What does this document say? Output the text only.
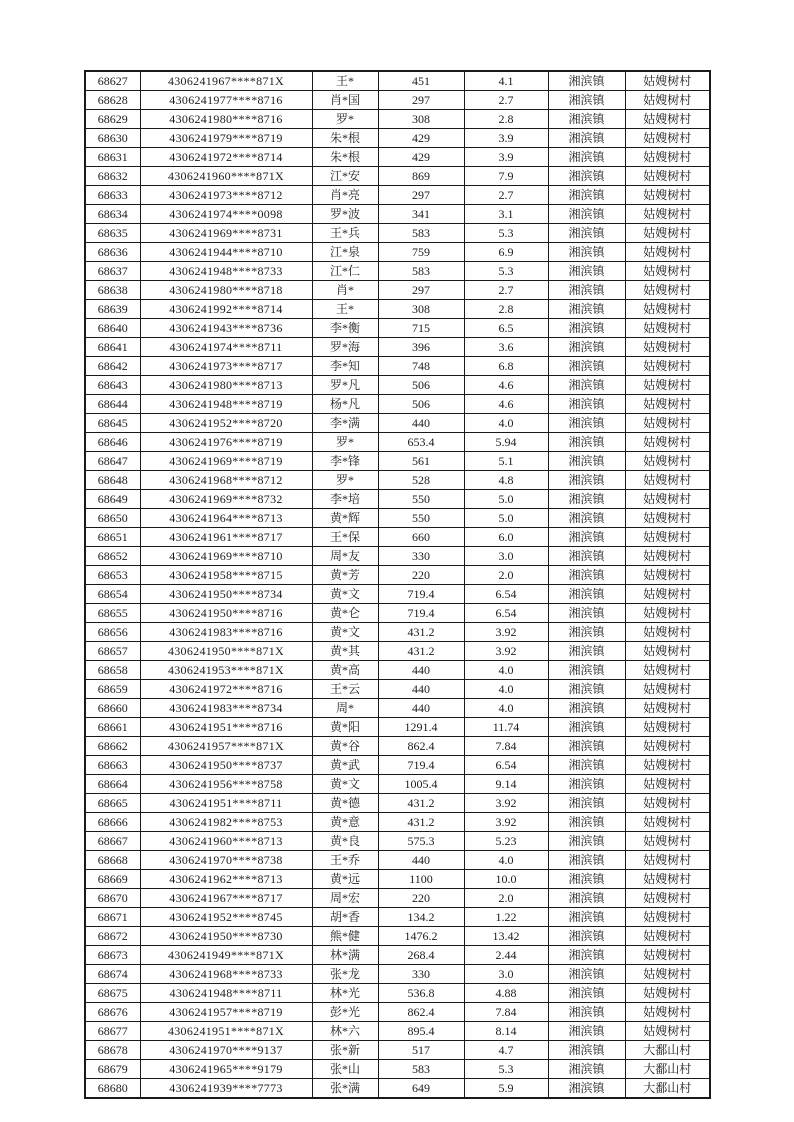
68627	4306241967****871X	王*	451	4.1	湘滨镇	姑嫂树村
68628	4306241977****8716	肖*国	297	2.7	湘滨镇	姑嫂树村
68629	4306241980****8716	罗*	308	2.8	湘滨镇	姑嫂树村
68630	4306241979****8719	朱*根	429	3.9	湘滨镇	姑嫂树村
68631	4306241972****8714	朱*根	429	3.9	湘滨镇	姑嫂树村
68632	4306241960****871X	江*安	869	7.9	湘滨镇	姑嫂树村
68633	4306241973****8712	肖*亮	297	2.7	湘滨镇	姑嫂树村
68634	4306241974****0098	罗*波	341	3.1	湘滨镇	姑嫂树村
68635	4306241969****8731	王*兵	583	5.3	湘滨镇	姑嫂树村
68636	4306241944****8710	江*泉	759	6.9	湘滨镇	姑嫂树村
68637	4306241948****8733	江*仁	583	5.3	湘滨镇	姑嫂树村
68638	4306241980****8718	肖*	297	2.7	湘滨镇	姑嫂树村
68639	4306241992****8714	王*	308	2.8	湘滨镇	姑嫂树村
68640	4306241943****8736	李*衡	715	6.5	湘滨镇	姑嫂树村
68641	4306241974****8711	罗*海	396	3.6	湘滨镇	姑嫂树村
68642	4306241973****8717	李*知	748	6.8	湘滨镇	姑嫂树村
68643	4306241980****8713	罗*凡	506	4.6	湘滨镇	姑嫂树村
68644	4306241948****8719	杨*凡	506	4.6	湘滨镇	姑嫂树村
68645	4306241952****8720	李*满	440	4.0	湘滨镇	姑嫂树村
68646	4306241976****8719	罗*	653.4	5.94	湘滨镇	姑嫂树村
68647	4306241969****8719	李*锋	561	5.1	湘滨镇	姑嫂树村
68648	4306241968****8712	罗*	528	4.8	湘滨镇	姑嫂树村
68649	4306241969****8732	李*培	550	5.0	湘滨镇	姑嫂树村
68650	4306241964****8713	黄*辉	550	5.0	湘滨镇	姑嫂树村
68651	4306241961****8717	王*保	660	6.0	湘滨镇	姑嫂树村
68652	4306241969****8710	周*友	330	3.0	湘滨镇	姑嫂树村
68653	4306241958****8715	黄*芳	220	2.0	湘滨镇	姑嫂树村
68654	4306241950****8734	黄*文	719.4	6.54	湘滨镇	姑嫂树村
68655	4306241950****8716	黄*仑	719.4	6.54	湘滨镇	姑嫂树村
68656	4306241983****8716	黄*文	431.2	3.92	湘滨镇	姑嫂树村
68657	4306241950****871X	黄*其	431.2	3.92	湘滨镇	姑嫂树村
68658	4306241953****871X	黄*高	440	4.0	湘滨镇	姑嫂树村
68659	4306241972****8716	王*云	440	4.0	湘滨镇	姑嫂树村
68660	4306241983****8734	周*	440	4.0	湘滨镇	姑嫂树村
68661	4306241951****8716	黄*阳	1291.4	11.74	湘滨镇	姑嫂树村
68662	4306241957****871X	黄*谷	862.4	7.84	湘滨镇	姑嫂树村
68663	4306241950****8737	黄*武	719.4	6.54	湘滨镇	姑嫂树村
68664	4306241956****8758	黄*文	1005.4	9.14	湘滨镇	姑嫂树村
68665	4306241951****8711	黄*德	431.2	3.92	湘滨镇	姑嫂树村
68666	4306241982****8753	黄*意	431.2	3.92	湘滨镇	姑嫂树村
68667	4306241960****8713	黄*良	575.3	5.23	湘滨镇	姑嫂树村
68668	4306241970****8738	王*乔	440	4.0	湘滨镇	姑嫂树村
68669	4306241962****8713	黄*远	1100	10.0	湘滨镇	姑嫂树村
68670	4306241967****8717	周*宏	220	2.0	湘滨镇	姑嫂树村
68671	4306241952****8745	胡*香	134.2	1.22	湘滨镇	姑嫂树村
68672	4306241950****8730	熊*健	1476.2	13.42	湘滨镇	姑嫂树村
68673	4306241949****871X	林*满	268.4	2.44	湘滨镇	姑嫂树村
68674	4306241968****8733	张*龙	330	3.0	湘滨镇	姑嫂树村
68675	4306241948****8711	林*光	536.8	4.88	湘滨镇	姑嫂树村
68676	4306241957****8719	彭*光	862.4	7.84	湘滨镇	姑嫂树村
68677	4306241951****871X	林*六	895.4	8.14	湘滨镇	姑嫂树村
68678	4306241970****9137	张*新	517	4.7	湘滨镇	大鄱山村
68679	4306241965****9179	张*山	583	5.3	湘滨镇	大鄱山村
68680	4306241939****7773	张*满	649	5.9	湘滨镇	大鄱山村
